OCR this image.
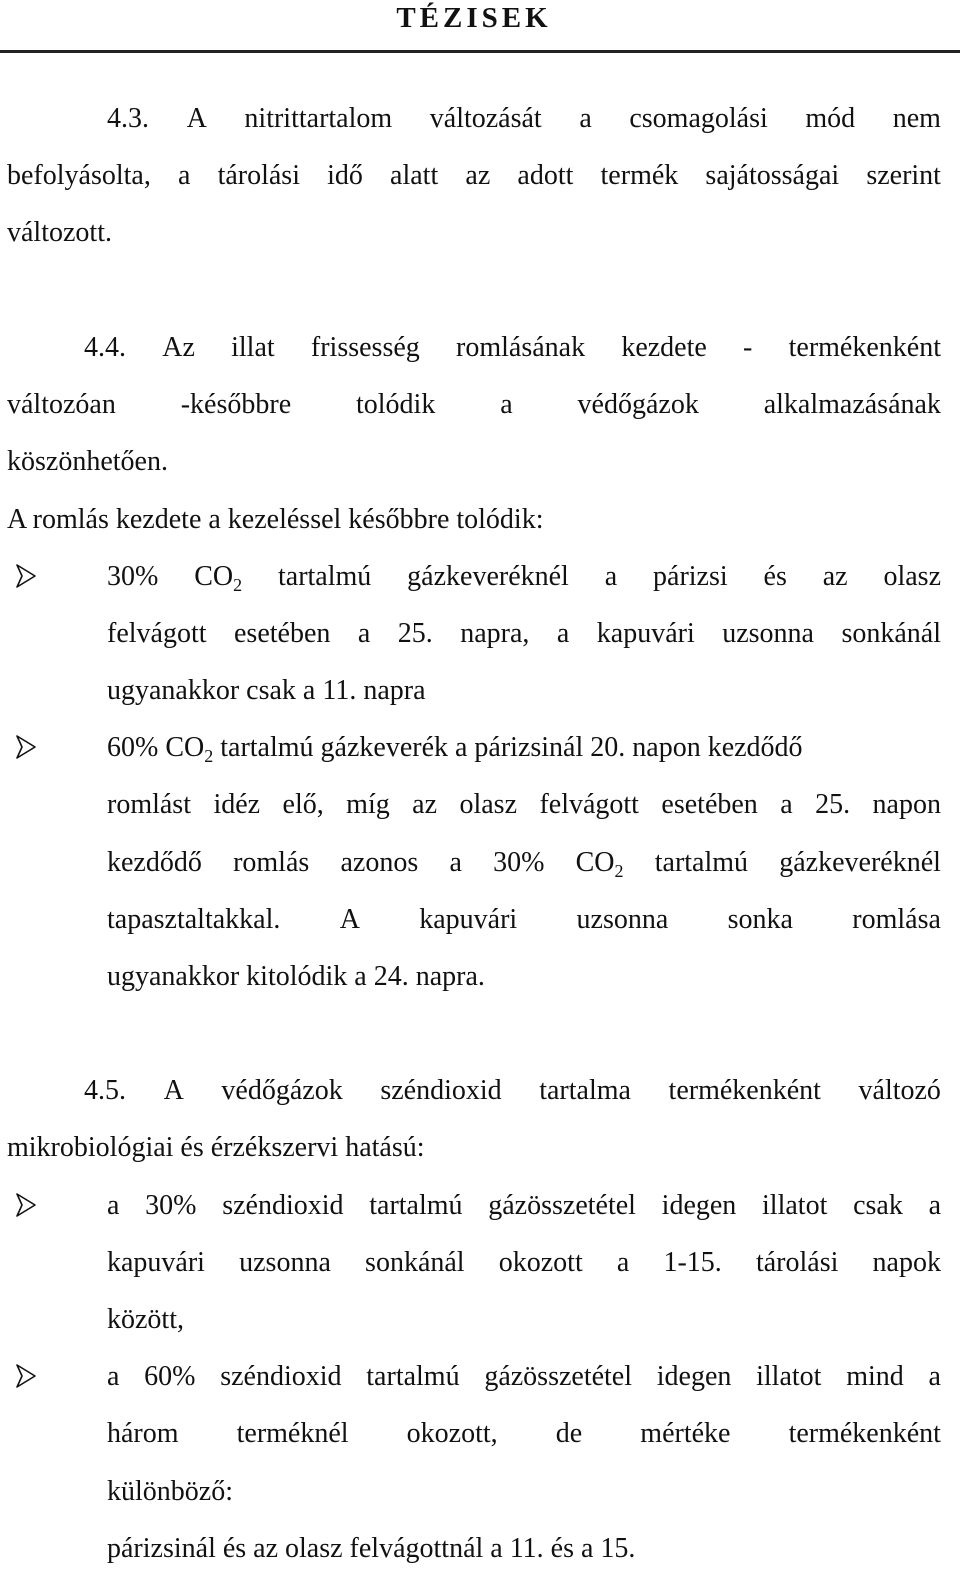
TÉZISEK
4.3. A nitrittartalom változását a csomagolási mód nem
befolyásolta, a tárolási idő alatt az adott termék sajátosságai szerint
változott.
4.4. Az illat frissesség romlásának kezdete - termékenként
változóan -későbbre tolódik a védőgázok alkalmazásának
köszönhetően.
A romlás kezdete a kezeléssel későbbre tolódik:
30% $CO_2$ tartalmú gázkeveréknél a párizsi és az olasz
felvágott esetében a 25. napra, a kapuvári uzsonna sonkánál
ugyanakkor csak a 11. napra
60% $CO_2$ tartalmú gázkeverék a párizsinál 20. napon kezdődő
romlást idéz elő, míg az olasz felvágott esetében a 25. napon
kezdődő romlás azonos a 30% $CO_2$ tartalmú gázkeveréknél
tapasztaltakkal. A kapuvári uzsonna sonka romlása
ugyanakkor kitolódik a 24. napra.
4.5. A védőgázok széndioxid tartalma termékenként változó
mikrobiológiai és érzékszervi hatású:
a 30% széndioxid tartalmú gázösszetétel idegen illatot csak a
kapuvári uzsonna sonkánál okozott a 1-15. tárolási napok
között,
a 60% széndioxid tartalmú gázösszetétel idegen illatot mind a
három terméknél okozott, de mértéke termékenként
különböző:
párizsinál és az olasz felvágottnál a 11. és a 15.
